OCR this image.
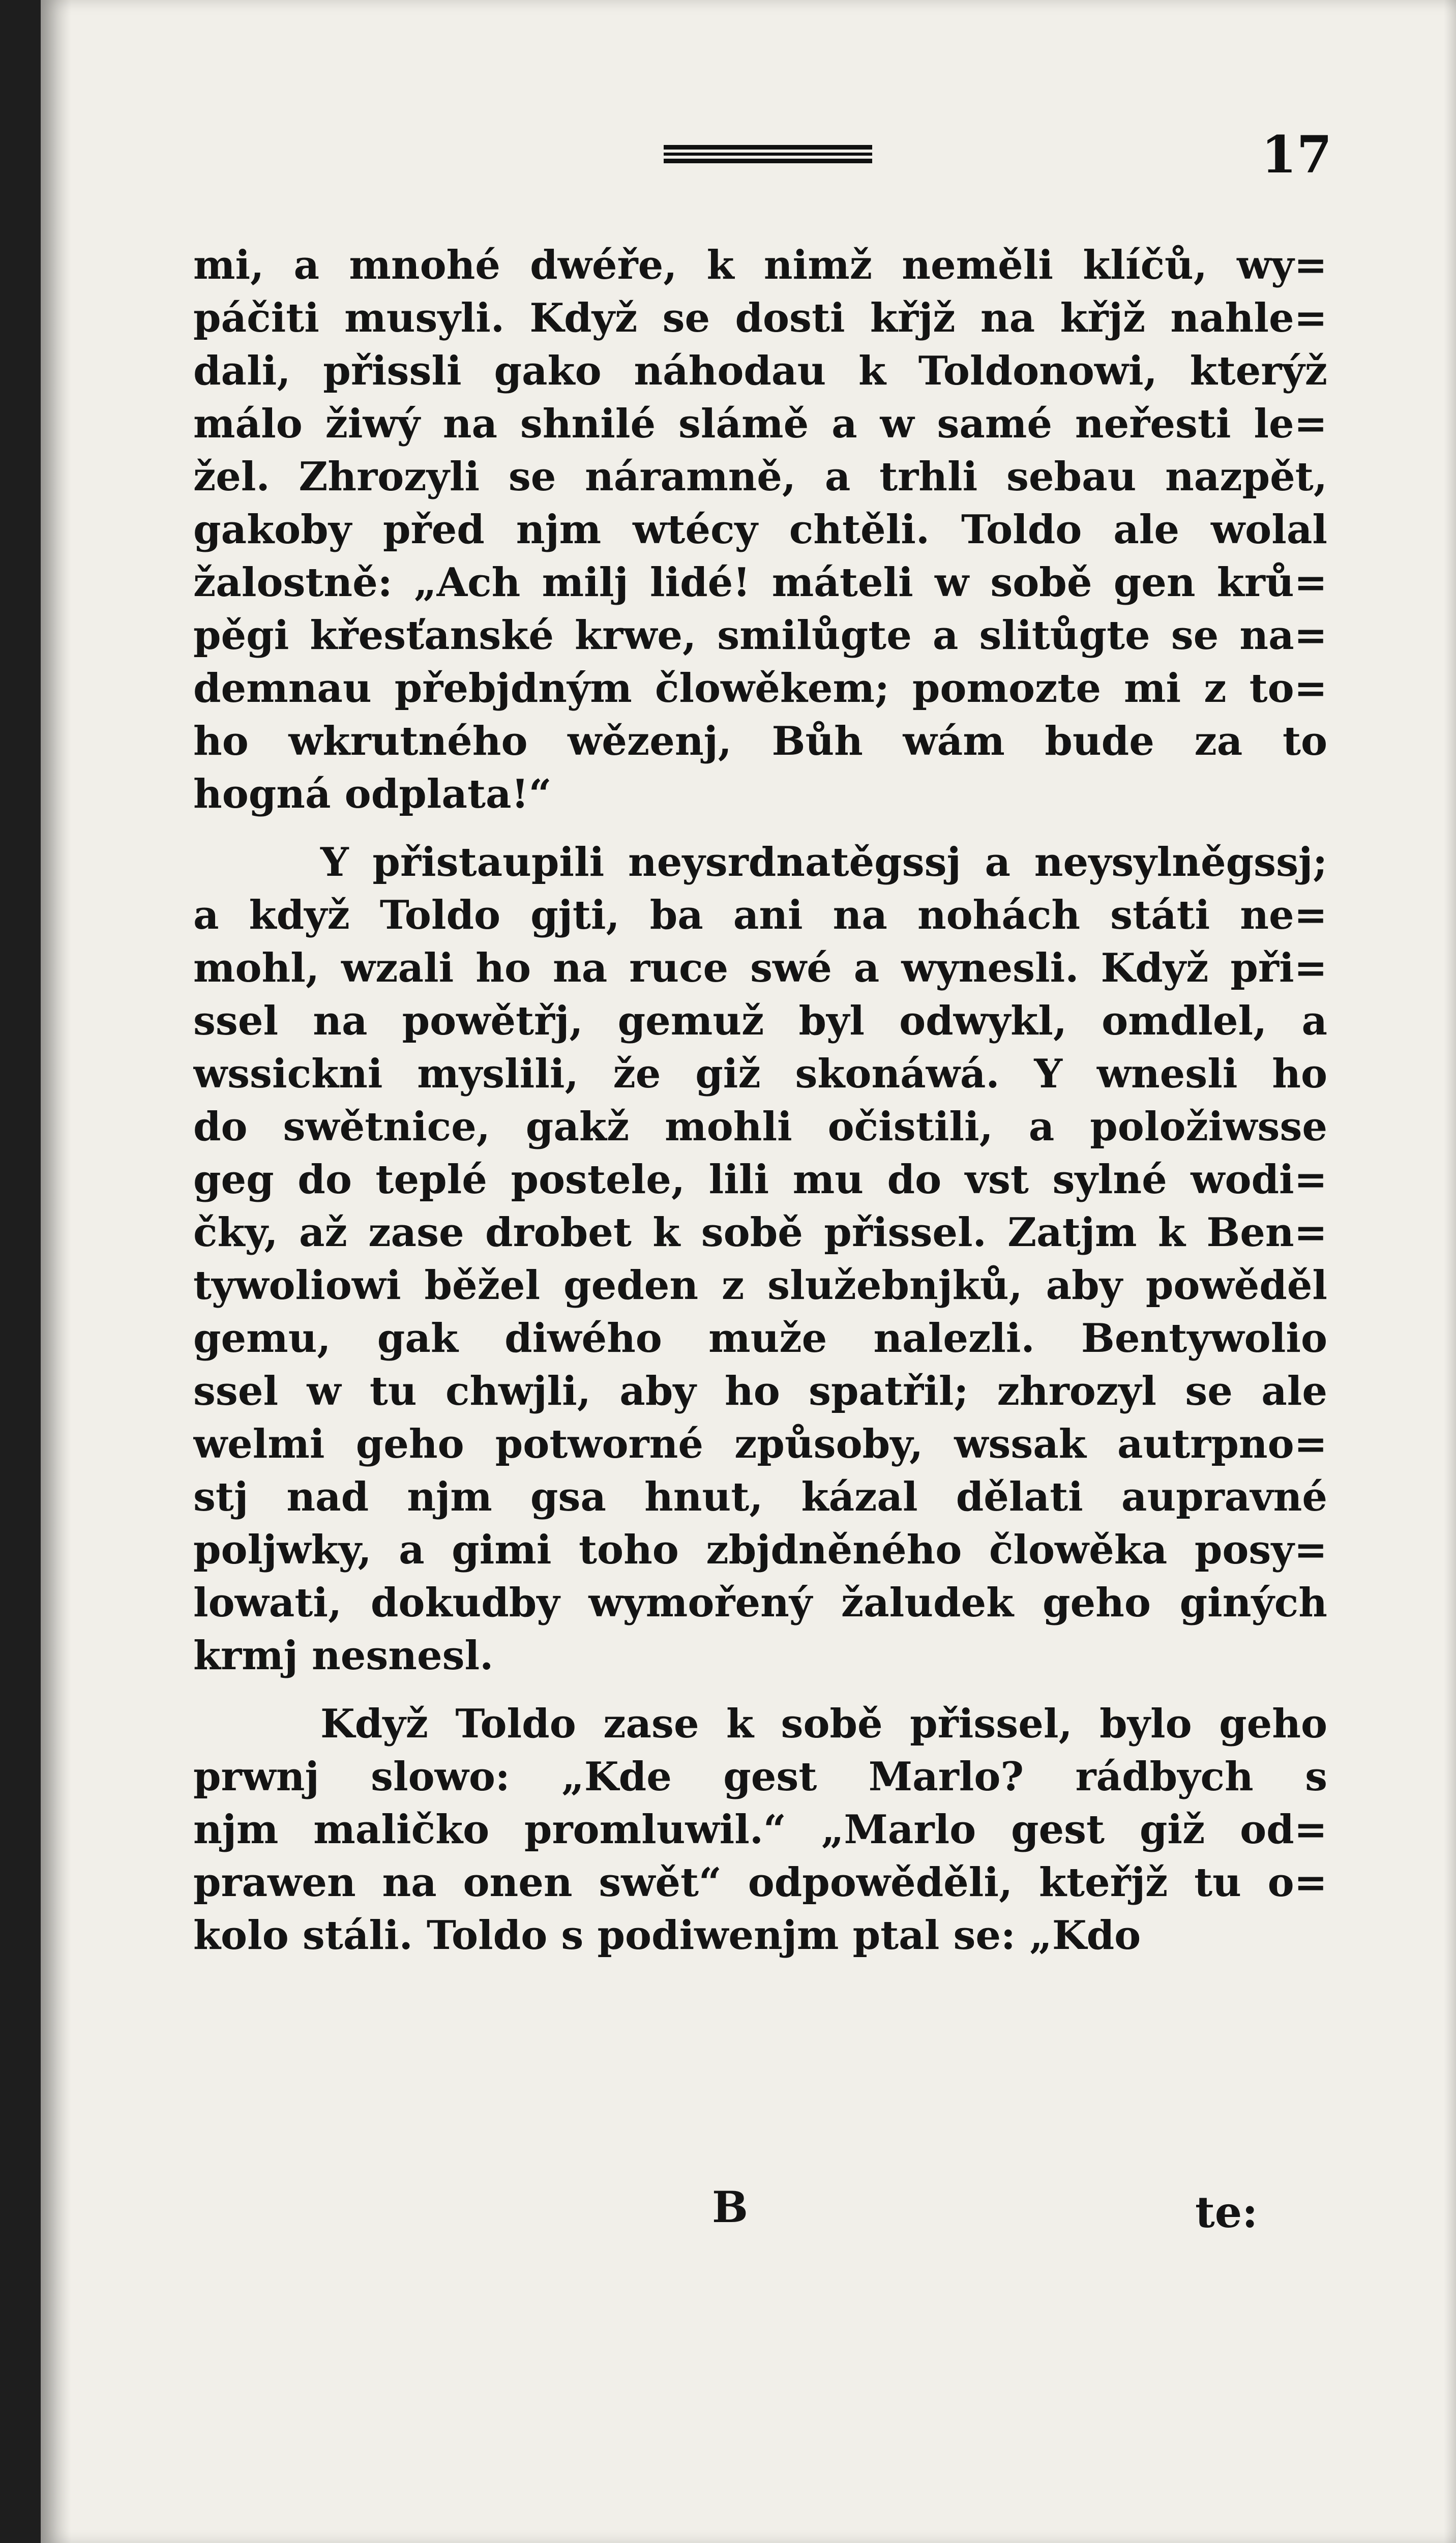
17
mi, a mnohé dwéře, k nimž neměli klíčů, wy=
páčiti musyli. Když se dosti křjž na křjž nahle=
dali, přissli gako náhodau k Toldonowi, kterýž
málo žiwý na shnilé slámě a w samé neřesti le=
žel. Zhrozyli se náramně, a trhli sebau nazpět,
gakoby před njm wtécy chtěli. Toldo ale wolal
žalostně: „Ach milj lidé! máteli w sobě gen krů=
pěgi křesťanské krwe, smilůgte a slitůgte se na=
demnau přebjdným člowěkem; pomozte mi z to=
ho wkrutného wězenj, Bůh wám bude za to
hogná odplata!“
Y přistaupili neysrdnatěgssj a neysylněgssj;
a když Toldo gjti, ba ani na nohách státi ne=
mohl, wzali ho na ruce swé a wynesli. Když při=
ssel na powětřj, gemuž byl odwykl, omdlel, a
wssickni myslili, že giž skonáwá. Y wnesli ho
do swětnice, gakž mohli očistili, a položiwsse
geg do teplé postele, lili mu do vst sylné wodi=
čky, až zase drobet k sobě přissel. Zatjm k Ben=
tywoliowi běžel geden z služebnjků, aby powěděl
gemu, gak diwého muže nalezli. Bentywolio
ssel w tu chwjli, aby ho spatřil; zhrozyl se ale
welmi geho potworné způsoby, wssak autrpno=
stj nad njm gsa hnut, kázal dělati aupravné
poljwky, a gimi toho zbjdněného člowěka posy=
lowati, dokudby wymořený žaludek geho giných
krmj nesnesl.
Když Toldo zase k sobě přissel, bylo geho
prwnj slowo: „Kde gest Marlo? rádbych s
njm maličko promluwil.“ „Marlo gest giž od=
prawen na onen swět“ odpowěděli, kteřjž tu o=
kolo stáli. Toldo s podiwenjm ptal se: „Kdo
B	te:
